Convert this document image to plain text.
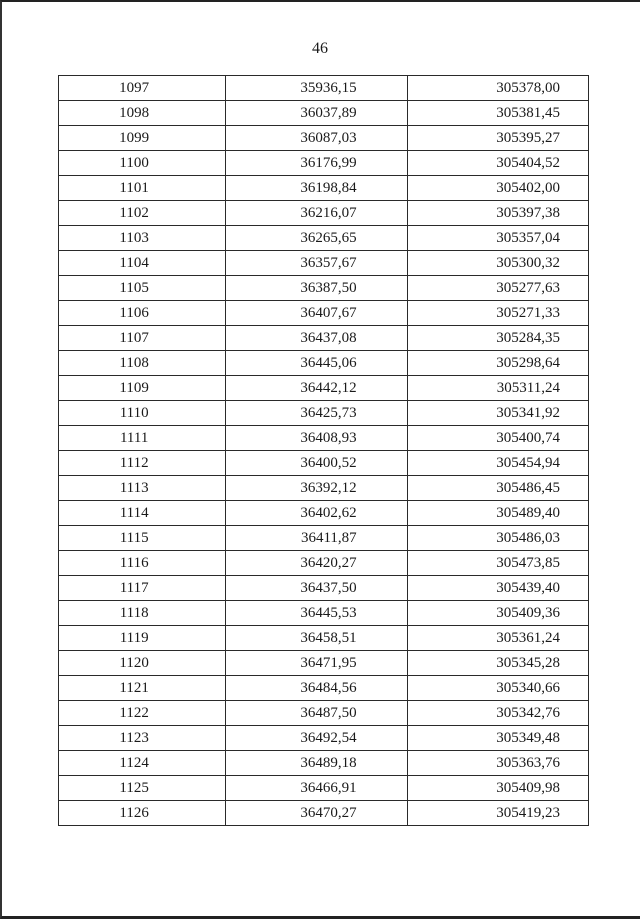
46
1097	35936,15	305378,00
1098	36037,89	305381,45
1099	36087,03	305395,27
1100	36176,99	305404,52
1101	36198,84	305402,00
1102	36216,07	305397,38
1103	36265,65	305357,04
1104	36357,67	305300,32
1105	36387,50	305277,63
1106	36407,67	305271,33
1107	36437,08	305284,35
1108	36445,06	305298,64
1109	36442,12	305311,24
1110	36425,73	305341,92
1111	36408,93	305400,74
1112	36400,52	305454,94
1113	36392,12	305486,45
1114	36402,62	305489,40
1115	36411,87	305486,03
1116	36420,27	305473,85
1117	36437,50	305439,40
1118	36445,53	305409,36
1119	36458,51	305361,24
1120	36471,95	305345,28
1121	36484,56	305340,66
1122	36487,50	305342,76
1123	36492,54	305349,48
1124	36489,18	305363,76
1125	36466,91	305409,98
1126	36470,27	305419,23
